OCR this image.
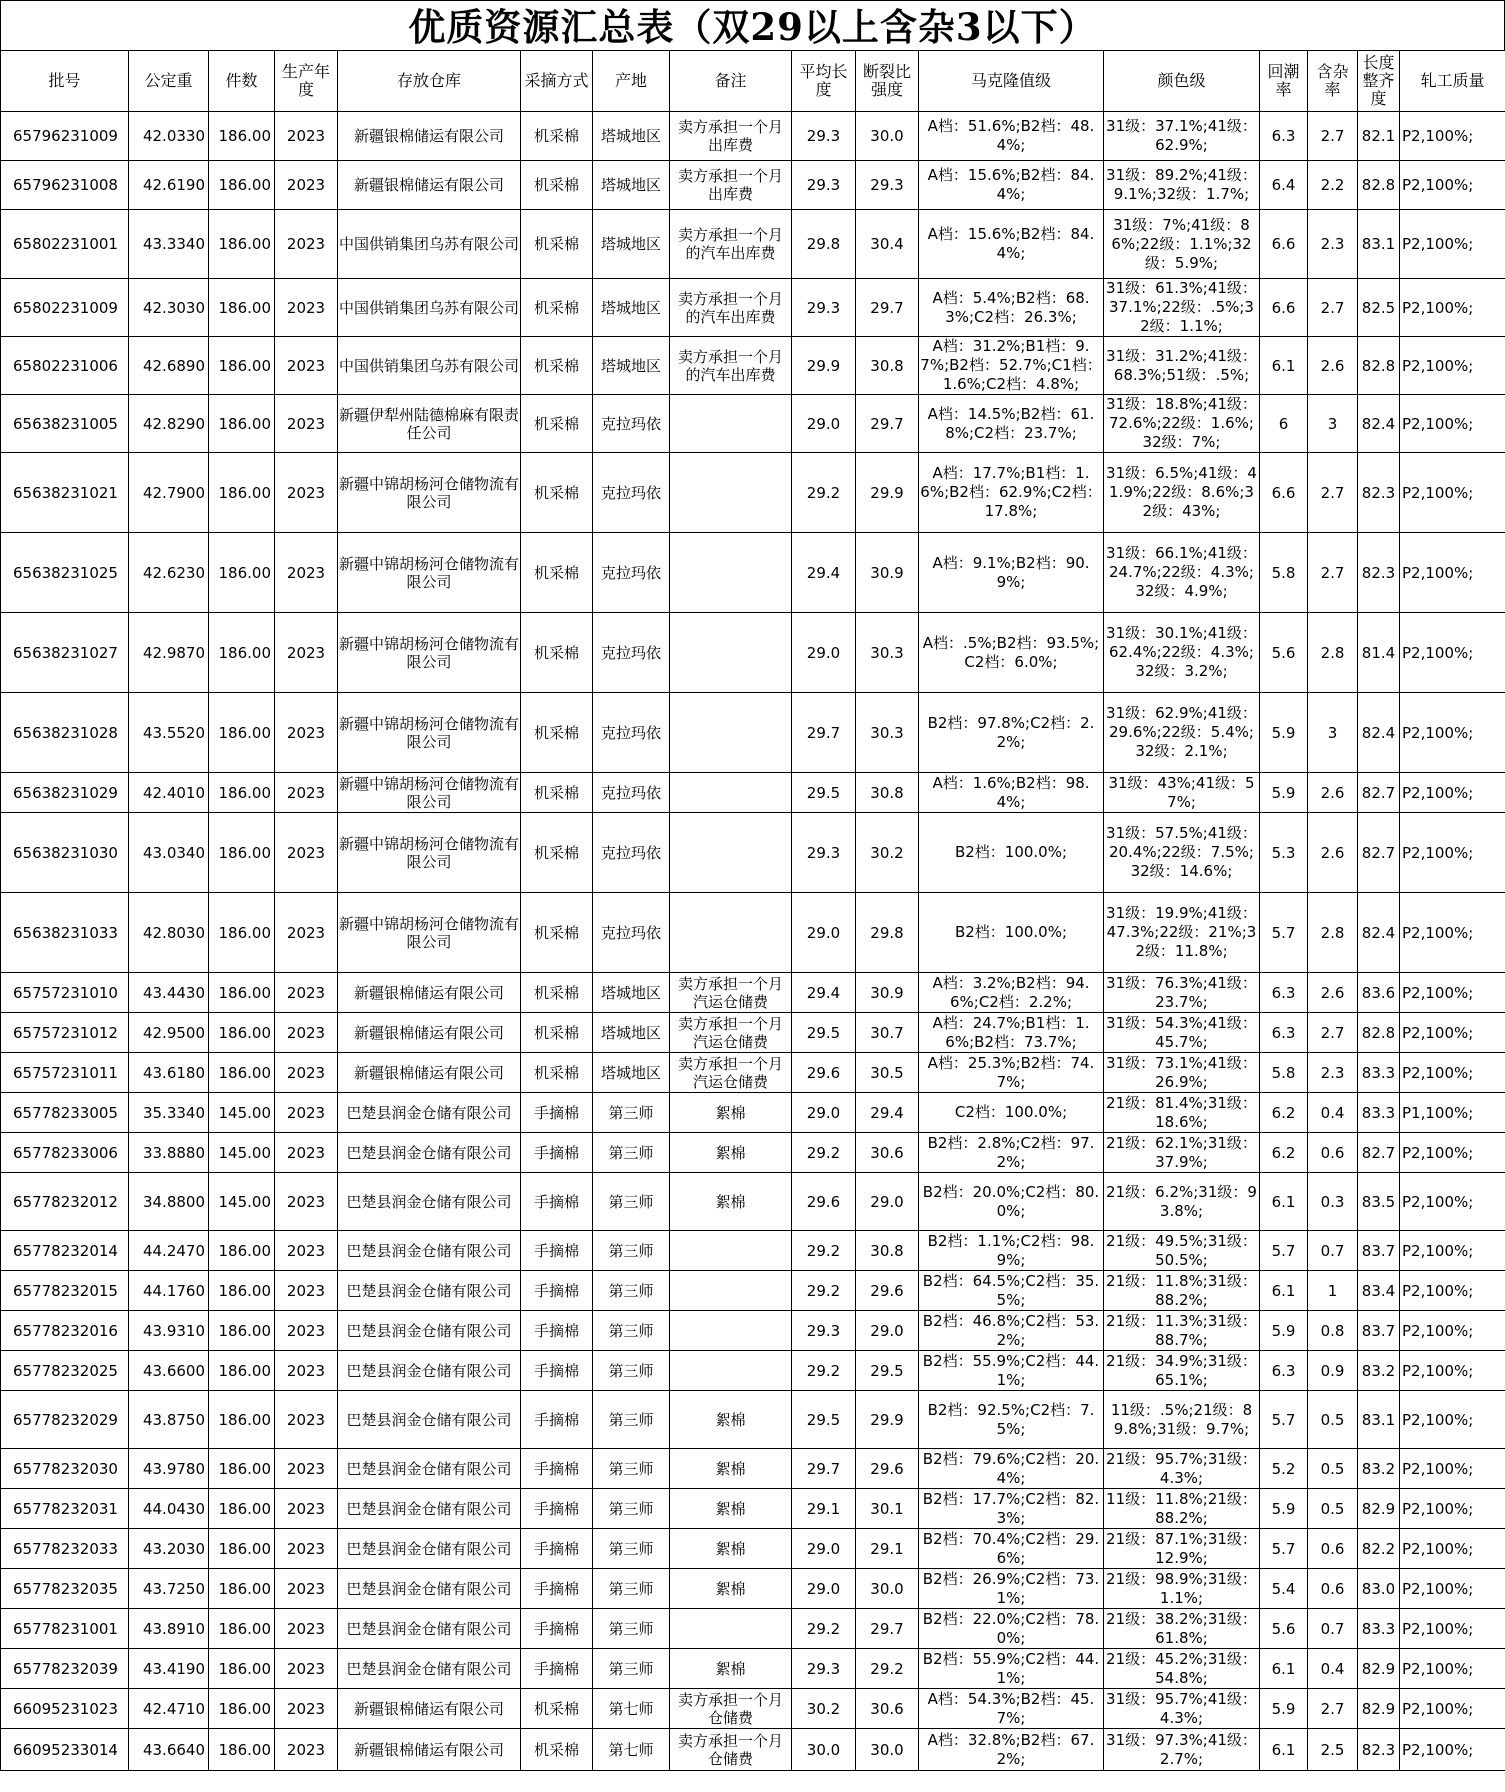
优质资源汇总表（双29以上含杂3以下）
批号	公定重	件数	生产年度	存放仓库	采摘方式	产地	备注	平均长度	断裂比强度	马克隆值级	颜色级	回潮率	含杂率	长度整齐度	轧工质量
65796231009	42.0330	186.00	2023	新疆银棉储运有限公司	机采棉	塔城地区	卖方承担一个月出库费	29.3	30.0	A档：51.6%;B2档：48.4%;	31级：37.1%;41级：62.9%;	6.3	2.7	82.1	P2,100%;
65796231008	42.6190	186.00	2023	新疆银棉储运有限公司	机采棉	塔城地区	卖方承担一个月出库费	29.3	29.3	A档：15.6%;B2档：84.4%;	31级：89.2%;41级：9.1%;32级：1.7%;	6.4	2.2	82.8	P2,100%;
65802231001	43.3340	186.00	2023	中国供销集团乌苏有限公司	机采棉	塔城地区	卖方承担一个月的汽车出库费	29.8	30.4	A档：15.6%;B2档：84.4%;	31级：7%;41级：86%;22级：1.1%;32级：5.9%;	6.6	2.3	83.1	P2,100%;
65802231009	42.3030	186.00	2023	中国供销集团乌苏有限公司	机采棉	塔城地区	卖方承担一个月的汽车出库费	29.3	29.7	A档：5.4%;B2档：68.3%;C2档：26.3%;	31级：61.3%;41级：37.1%;22级：.5%;32级：1.1%;	6.6	2.7	82.5	P2,100%;
65802231006	42.6890	186.00	2023	中国供销集团乌苏有限公司	机采棉	塔城地区	卖方承担一个月的汽车出库费	29.9	30.8	A档：31.2%;B1档：9.7%;B2档：52.7%;C1档：1.6%;C2档：4.8%;	31级：31.2%;41级：68.3%;51级：.5%;	6.1	2.6	82.8	P2,100%;
65638231005	42.8290	186.00	2023	新疆伊犁州陆德棉麻有限责任公司	机采棉	克拉玛依		29.0	29.7	A档：14.5%;B2档：61.8%;C2档：23.7%;	31级：18.8%;41级：72.6%;22级：1.6%;32级：7%;	6	3	82.4	P2,100%;
65638231021	42.7900	186.00	2023	新疆中锦胡杨河仓储物流有限公司	机采棉	克拉玛依		29.2	29.9	A档：17.7%;B1档：1.6%;B2档：62.9%;C2档：17.8%;	31级：6.5%;41级：41.9%;22级：8.6%;32级：43%;	6.6	2.7	82.3	P2,100%;
65638231025	42.6230	186.00	2023	新疆中锦胡杨河仓储物流有限公司	机采棉	克拉玛依		29.4	30.9	A档：9.1%;B2档：90.9%;	31级：66.1%;41级：24.7%;22级：4.3%;32级：4.9%;	5.8	2.7	82.3	P2,100%;
65638231027	42.9870	186.00	2023	新疆中锦胡杨河仓储物流有限公司	机采棉	克拉玛依		29.0	30.3	A档：.5%;B2档：93.5%;C2档：6.0%;	31级：30.1%;41级：62.4%;22级：4.3%;32级：3.2%;	5.6	2.8	81.4	P2,100%;
65638231028	43.5520	186.00	2023	新疆中锦胡杨河仓储物流有限公司	机采棉	克拉玛依		29.7	30.3	B2档：97.8%;C2档：2.2%;	31级：62.9%;41级：29.6%;22级：5.4%;32级：2.1%;	5.9	3	82.4	P2,100%;
65638231029	42.4010	186.00	2023	新疆中锦胡杨河仓储物流有限公司	机采棉	克拉玛依		29.5	30.8	A档：1.6%;B2档：98.4%;	31级：43%;41级：57%;	5.9	2.6	82.7	P2,100%;
65638231030	43.0340	186.00	2023	新疆中锦胡杨河仓储物流有限公司	机采棉	克拉玛依		29.3	30.2	B2档：100.0%;	31级：57.5%;41级：20.4%;22级：7.5%;32级：14.6%;	5.3	2.6	82.7	P2,100%;
65638231033	42.8030	186.00	2023	新疆中锦胡杨河仓储物流有限公司	机采棉	克拉玛依		29.0	29.8	B2档：100.0%;	31级：19.9%;41级：47.3%;22级：21%;32级：11.8%;	5.7	2.8	82.4	P2,100%;
65757231010	43.4430	186.00	2023	新疆银棉储运有限公司	机采棉	塔城地区	卖方承担一个月汽运仓储费	29.4	30.9	A档：3.2%;B2档：94.6%;C2档：2.2%;	31级：76.3%;41级：23.7%;	6.3	2.6	83.6	P2,100%;
65757231012	42.9500	186.00	2023	新疆银棉储运有限公司	机采棉	塔城地区	卖方承担一个月汽运仓储费	29.5	30.7	A档：24.7%;B1档：1.6%;B2档：73.7%;	31级：54.3%;41级：45.7%;	6.3	2.7	82.8	P2,100%;
65757231011	43.6180	186.00	2023	新疆银棉储运有限公司	机采棉	塔城地区	卖方承担一个月汽运仓储费	29.6	30.5	A档：25.3%;B2档：74.7%;	31级：73.1%;41级：26.9%;	5.8	2.3	83.3	P2,100%;
65778233005	35.3340	145.00	2023	巴楚县润金仓储有限公司	手摘棉	第三师	絮棉	29.0	29.4	C2档：100.0%;	21级：81.4%;31级：18.6%;	6.2	0.4	83.3	P1,100%;
65778233006	33.8880	145.00	2023	巴楚县润金仓储有限公司	手摘棉	第三师	絮棉	29.2	30.6	B2档：2.8%;C2档：97.2%;	21级：62.1%;31级：37.9%;	6.2	0.6	82.7	P2,100%;
65778232012	34.8800	145.00	2023	巴楚县润金仓储有限公司	手摘棉	第三师	絮棉	29.6	29.0	B2档：20.0%;C2档：80.0%;	21级：6.2%;31级：93.8%;	6.1	0.3	83.5	P2,100%;
65778232014	44.2470	186.00	2023	巴楚县润金仓储有限公司	手摘棉	第三师		29.2	30.8	B2档：1.1%;C2档：98.9%;	21级：49.5%;31级：50.5%;	5.7	0.7	83.7	P2,100%;
65778232015	44.1760	186.00	2023	巴楚县润金仓储有限公司	手摘棉	第三师		29.2	29.6	B2档：64.5%;C2档：35.5%;	21级：11.8%;31级：88.2%;	6.1	1	83.4	P2,100%;
65778232016	43.9310	186.00	2023	巴楚县润金仓储有限公司	手摘棉	第三师		29.3	29.0	B2档：46.8%;C2档：53.2%;	21级：11.3%;31级：88.7%;	5.9	0.8	83.7	P2,100%;
65778232025	43.6600	186.00	2023	巴楚县润金仓储有限公司	手摘棉	第三师		29.2	29.5	B2档：55.9%;C2档：44.1%;	21级：34.9%;31级：65.1%;	6.3	0.9	83.2	P2,100%;
65778232029	43.8750	186.00	2023	巴楚县润金仓储有限公司	手摘棉	第三师	絮棉	29.5	29.9	B2档：92.5%;C2档：7.5%;	11级：.5%;21级：89.8%;31级：9.7%;	5.7	0.5	83.1	P2,100%;
65778232030	43.9780	186.00	2023	巴楚县润金仓储有限公司	手摘棉	第三师	絮棉	29.7	29.6	B2档：79.6%;C2档：20.4%;	21级：95.7%;31级：4.3%;	5.2	0.5	83.2	P2,100%;
65778232031	44.0430	186.00	2023	巴楚县润金仓储有限公司	手摘棉	第三师	絮棉	29.1	30.1	B2档：17.7%;C2档：82.3%;	11级：11.8%;21级：88.2%;	5.9	0.5	82.9	P2,100%;
65778232033	43.2030	186.00	2023	巴楚县润金仓储有限公司	手摘棉	第三师	絮棉	29.0	29.1	B2档：70.4%;C2档：29.6%;	21级：87.1%;31级：12.9%;	5.7	0.6	82.2	P2,100%;
65778232035	43.7250	186.00	2023	巴楚县润金仓储有限公司	手摘棉	第三师	絮棉	29.0	30.0	B2档：26.9%;C2档：73.1%;	21级：98.9%;31级：1.1%;	5.4	0.6	83.0	P2,100%;
65778231001	43.8910	186.00	2023	巴楚县润金仓储有限公司	手摘棉	第三师		29.2	29.7	B2档：22.0%;C2档：78.0%;	21级：38.2%;31级：61.8%;	5.6	0.7	83.3	P2,100%;
65778232039	43.4190	186.00	2023	巴楚县润金仓储有限公司	手摘棉	第三师	絮棉	29.3	29.2	B2档：55.9%;C2档：44.1%;	21级：45.2%;31级：54.8%;	6.1	0.4	82.9	P2,100%;
66095231023	42.4710	186.00	2023	新疆银棉储运有限公司	机采棉	第七师	卖方承担一个月仓储费	30.2	30.6	A档：54.3%;B2档：45.7%;	31级：95.7%;41级：4.3%;	5.9	2.7	82.9	P2,100%;
66095233014	43.6640	186.00	2023	新疆银棉储运有限公司	机采棉	第七师	卖方承担一个月仓储费	30.0	30.0	A档：32.8%;B2档：67.2%;	31级：97.3%;41级：2.7%;	6.1	2.5	82.3	P2,100%;
